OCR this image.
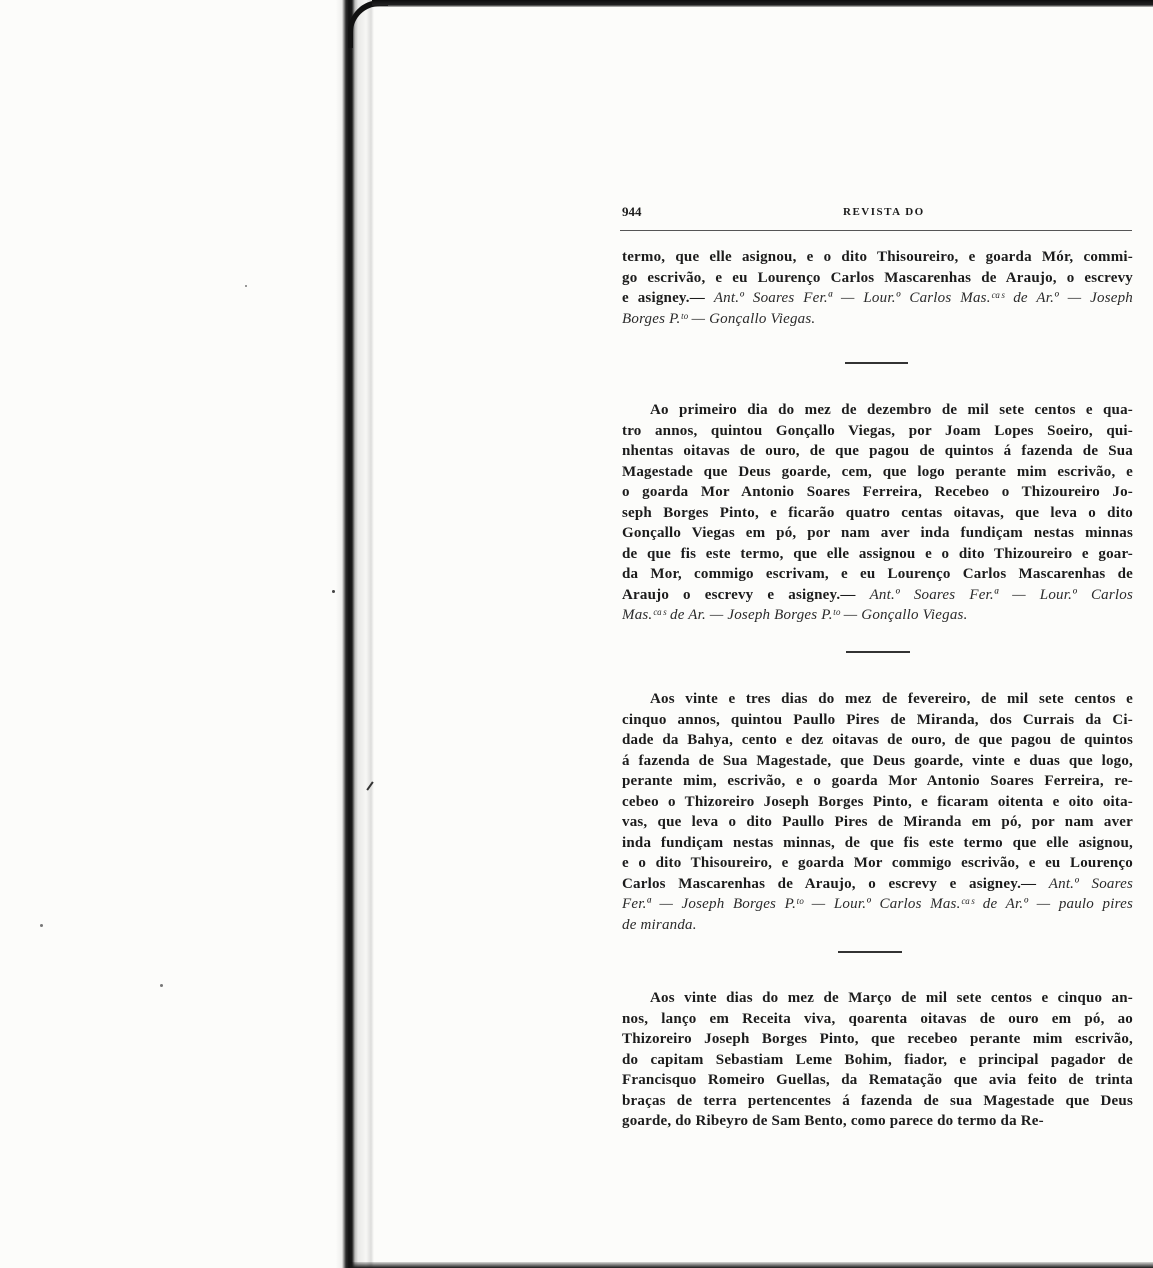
944	REVISTA DO
termo, que elle asignou, e o dito Thisoureiro, e goarda Mór, commi-
go escrivão, e eu Lourenço Carlos Mascarenhas de Araujo, o escrevy
e asigney.— Ant.º Soares Fer.ª — Lour.º Carlos Mas.ᶜᵃˢ de Ar.º — Joseph
Borges P.ᵗᵒ — Gonçallo Viegas.
Ao primeiro dia do mez de dezembro de mil sete centos e qua-
tro annos, quintou Gonçallo Viegas, por Joam Lopes Soeiro, qui-
nhentas oitavas de ouro, de que pagou de quintos á fazenda de Sua
Magestade que Deus goarde, cem, que logo perante mim escrivão, e
o goarda Mor Antonio Soares Ferreira, Recebeo o Thizoureiro Jo-
seph Borges Pinto, e ficarão quatro centas oitavas, que leva o dito
Gonçallo Viegas em pó, por nam aver inda fundiçam nestas minnas
de que fis este termo, que elle assignou e o dito Thizoureiro e goar-
da Mor, commigo escrivam, e eu Lourenço Carlos Mascarenhas de
Araujo o escrevy e asigney.— Ant.º Soares Fer.ª — Lour.º Carlos
Mas.ᶜᵃˢ de Ar. — Joseph Borges P.ᵗᵒ — Gonçallo Viegas.
Aos vinte e tres dias do mez de fevereiro, de mil sete centos e
cinquo annos, quintou Paullo Pires de Miranda, dos Currais da Ci-
dade da Bahya, cento e dez oitavas de ouro, de que pagou de quintos
á fazenda de Sua Magestade, que Deus goarde, vinte e duas que logo,
perante mim, escrivão, e o goarda Mor Antonio Soares Ferreira, re-
cebeo o Thizoreiro Joseph Borges Pinto, e ficaram oitenta e oito oita-
vas, que leva o dito Paullo Pires de Miranda em pó, por nam aver
inda fundiçam nestas minnas, de que fis este termo que elle asignou,
e o dito Thisoureiro, e goarda Mor commigo escrivão, e eu Lourenço
Carlos Mascarenhas de Araujo, o escrevy e asigney.— Ant.º Soares
Fer.ª — Joseph Borges P.ᵗᵒ — Lour.º Carlos Mas.ᶜᵃˢ de Ar.º — paulo pires
de miranda.
Aos vinte dias do mez de Março de mil sete centos e cinquo an-
nos, lanço em Receita viva, qoarenta oitavas de ouro em pó, ao
Thizoreiro Joseph Borges Pinto, que recebeo perante mim escrivão,
do capitam Sebastiam Leme Bohim, fiador, e principal pagador de
Francisquo Romeiro Guellas, da Rematação que avia feito de trinta
braças de terra pertencentes á fazenda de sua Magestade que Deus
goarde, do Ribeyro de Sam Bento, como parece do termo da Re-
